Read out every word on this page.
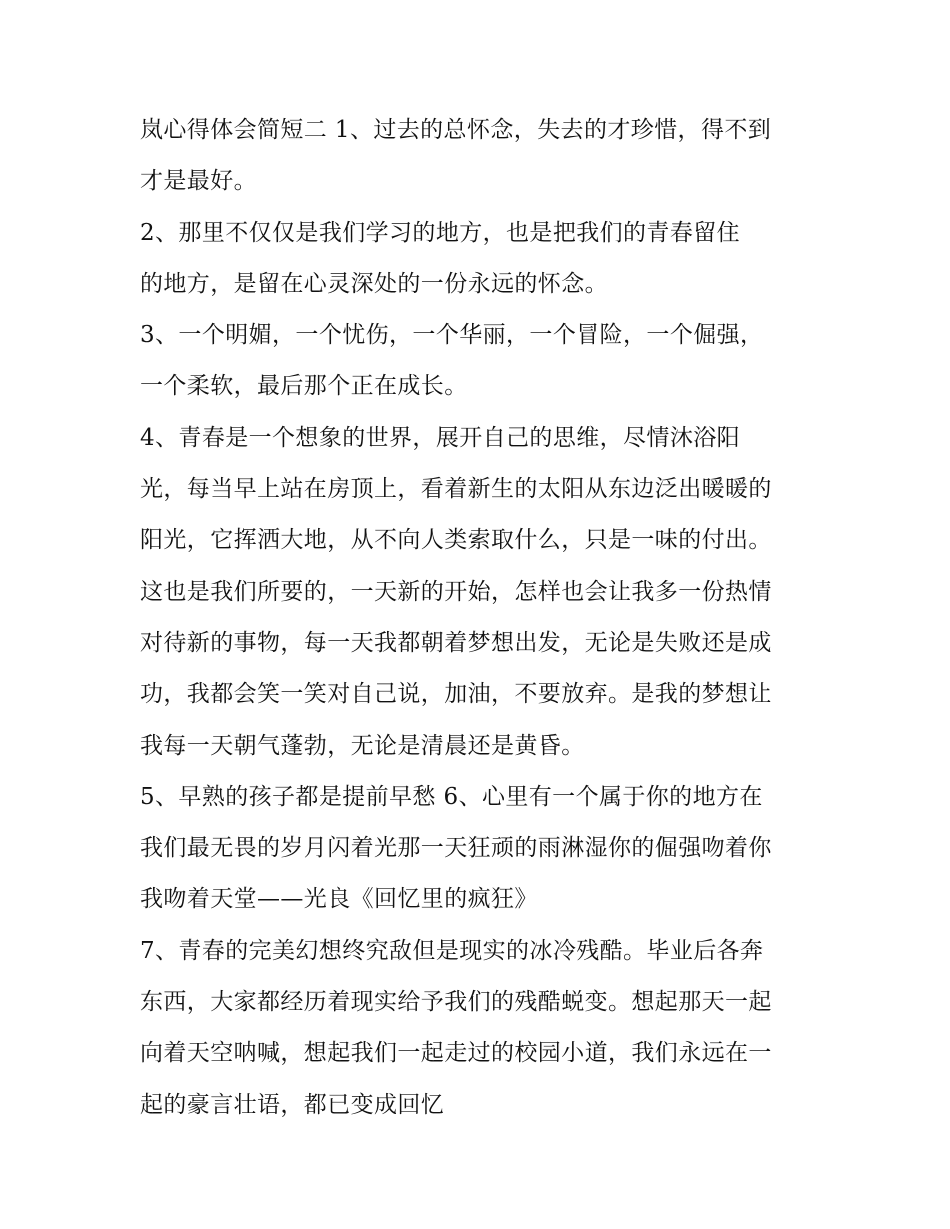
岚心得体会简短二 1、过去的总怀念，失去的才珍惜，得不到
才是最好。
2、那里不仅仅是我们学习的地方，也是把我们的青春留住
的地方，是留在心灵深处的一份永远的怀念。
3、一个明媚，一个忧伤，一个华丽，一个冒险，一个倔强，
一个柔软，最后那个正在成长。
4、青春是一个想象的世界，展开自己的思维，尽情沐浴阳
光，每当早上站在房顶上，看着新生的太阳从东边泛出暖暖的
阳光，它挥洒大地，从不向人类索取什么，只是一味的付出。
这也是我们所要的，一天新的开始，怎样也会让我多一份热情
对待新的事物，每一天我都朝着梦想出发，无论是失败还是成
功，我都会笑一笑对自己说，加油，不要放弃。是我的梦想让
我每一天朝气蓬勃，无论是清晨还是黄昏。
5、早熟的孩子都是提前早愁 6、心里有一个属于你的地方在
我们最无畏的岁月闪着光那一天狂顽的雨淋湿你的倔强吻着你
我吻着天堂——光良《回忆里的疯狂》
7、青春的完美幻想终究敌但是现实的冰冷残酷。毕业后各奔
东西，大家都经历着现实给予我们的残酷蜕变。想起那天一起
向着天空呐喊，想起我们一起走过的校园小道，我们永远在一
起的豪言壮语，都已变成回忆
